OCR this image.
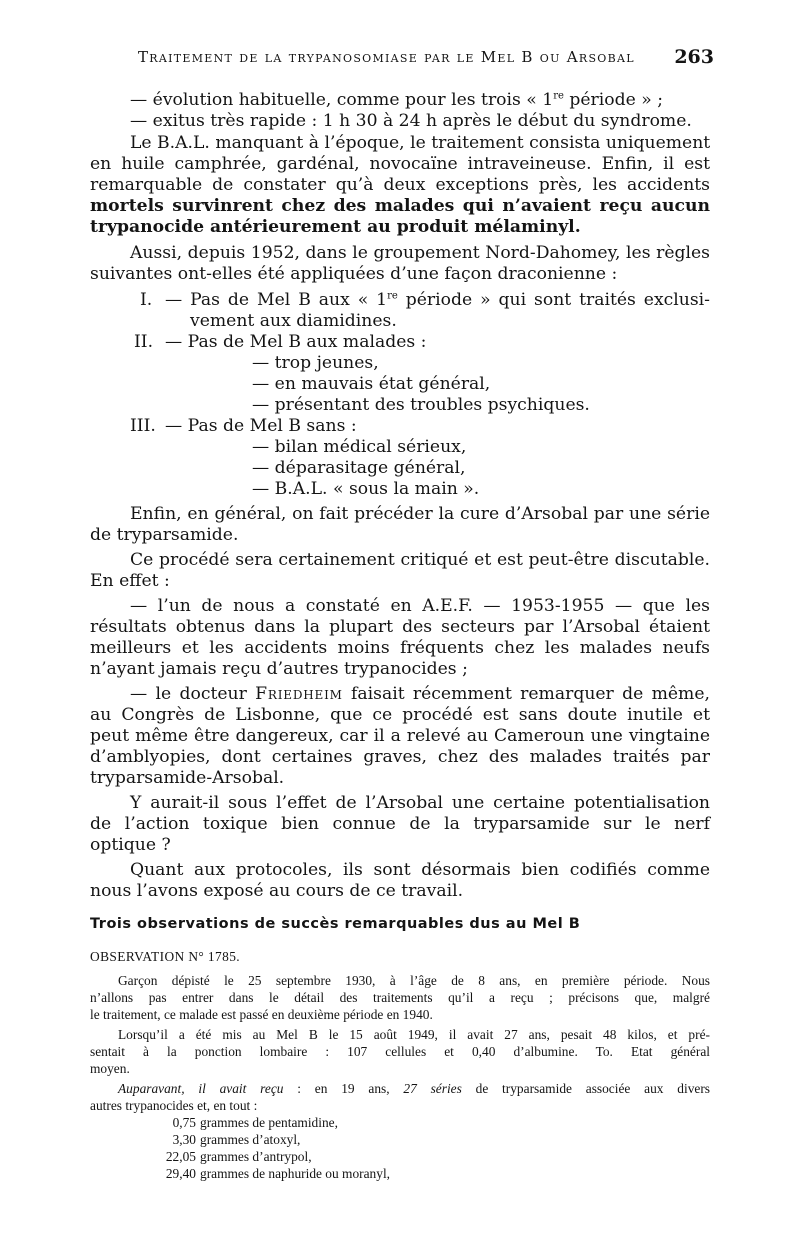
Traitement de la trypanosomiase par le Mel B ou Arsobal 263
— évolution habituelle, comme pour les trois « 1re période » ;
— exitus très rapide : 1 h 30 à 24 h après le début du syndrome.
Le B.A.L. manquant à l’époque, le traitement consista uniquement
en huile camphrée, gardénal, novocaïne intraveineuse. Enfin, il est
remarquable de constater qu’à deux exceptions près, les accidents
mortels survinrent chez des malades qui n’avaient reçu aucun
trypanocide antérieurement au produit mélaminyl.
Aussi, depuis 1952, dans le groupement Nord-Dahomey, les règles
suivantes ont-elles été appliquées d’une façon draconienne :
I. — Pas de Mel B aux « 1re période » qui sont traités exclusi-
vement aux diamidines.
II. — Pas de Mel B aux malades :
— trop jeunes,
— en mauvais état général,
— présentant des troubles psychiques.
III. — Pas de Mel B sans :
— bilan médical sérieux,
— déparasitage général,
— B.A.L. « sous la main ».
Enfin, en général, on fait précéder la cure d’Arsobal par une série
de tryparsamide.
Ce procédé sera certainement critiqué et est peut-être discutable.
En effet :
— l’un de nous a constaté en A.E.F. — 1953-1955 — que les
résultats obtenus dans la plupart des secteurs par l’Arsobal étaient
meilleurs et les accidents moins fréquents chez les malades neufs
n’ayant jamais reçu d’autres trypanocides ;
— le docteur Friedheim faisait récemment remarquer de même,
au Congrès de Lisbonne, que ce procédé est sans doute inutile et
peut même être dangereux, car il a relevé au Cameroun une vingtaine
d’amblyopies, dont certaines graves, chez des malades traités par
tryparsamide-Arsobal.
Y aurait-il sous l’effet de l’Arsobal une certaine potentialisation
de l’action toxique bien connue de la tryparsamide sur le nerf
optique ?
Quant aux protocoles, ils sont désormais bien codifiés comme
nous l’avons exposé au cours de ce travail.
Trois observations de succès remarquables dus au Mel B
OBSERVATION N° 1785.
Garçon dépisté le 25 septembre 1930, à l’âge de 8 ans, en première période. Nous
n’allons pas entrer dans le détail des traitements qu’il a reçu ; précisons que, malgré
le traitement, ce malade est passé en deuxième période en 1940.
Lorsqu’il a été mis au Mel B le 15 août 1949, il avait 27 ans, pesait 48 kilos, et pré-
sentait à la ponction lombaire : 107 cellules et 0,40 d’albumine. To. Etat général
moyen.
Auparavant, il avait reçu : en 19 ans, 27 séries de tryparsamide associée aux divers
autres trypanocides et, en tout :
0,75 grammes de pentamidine,
3,30 grammes d’atoxyl,
22,05 grammes d’antrypol,
29,40 grammes de naphuride ou moranyl,
